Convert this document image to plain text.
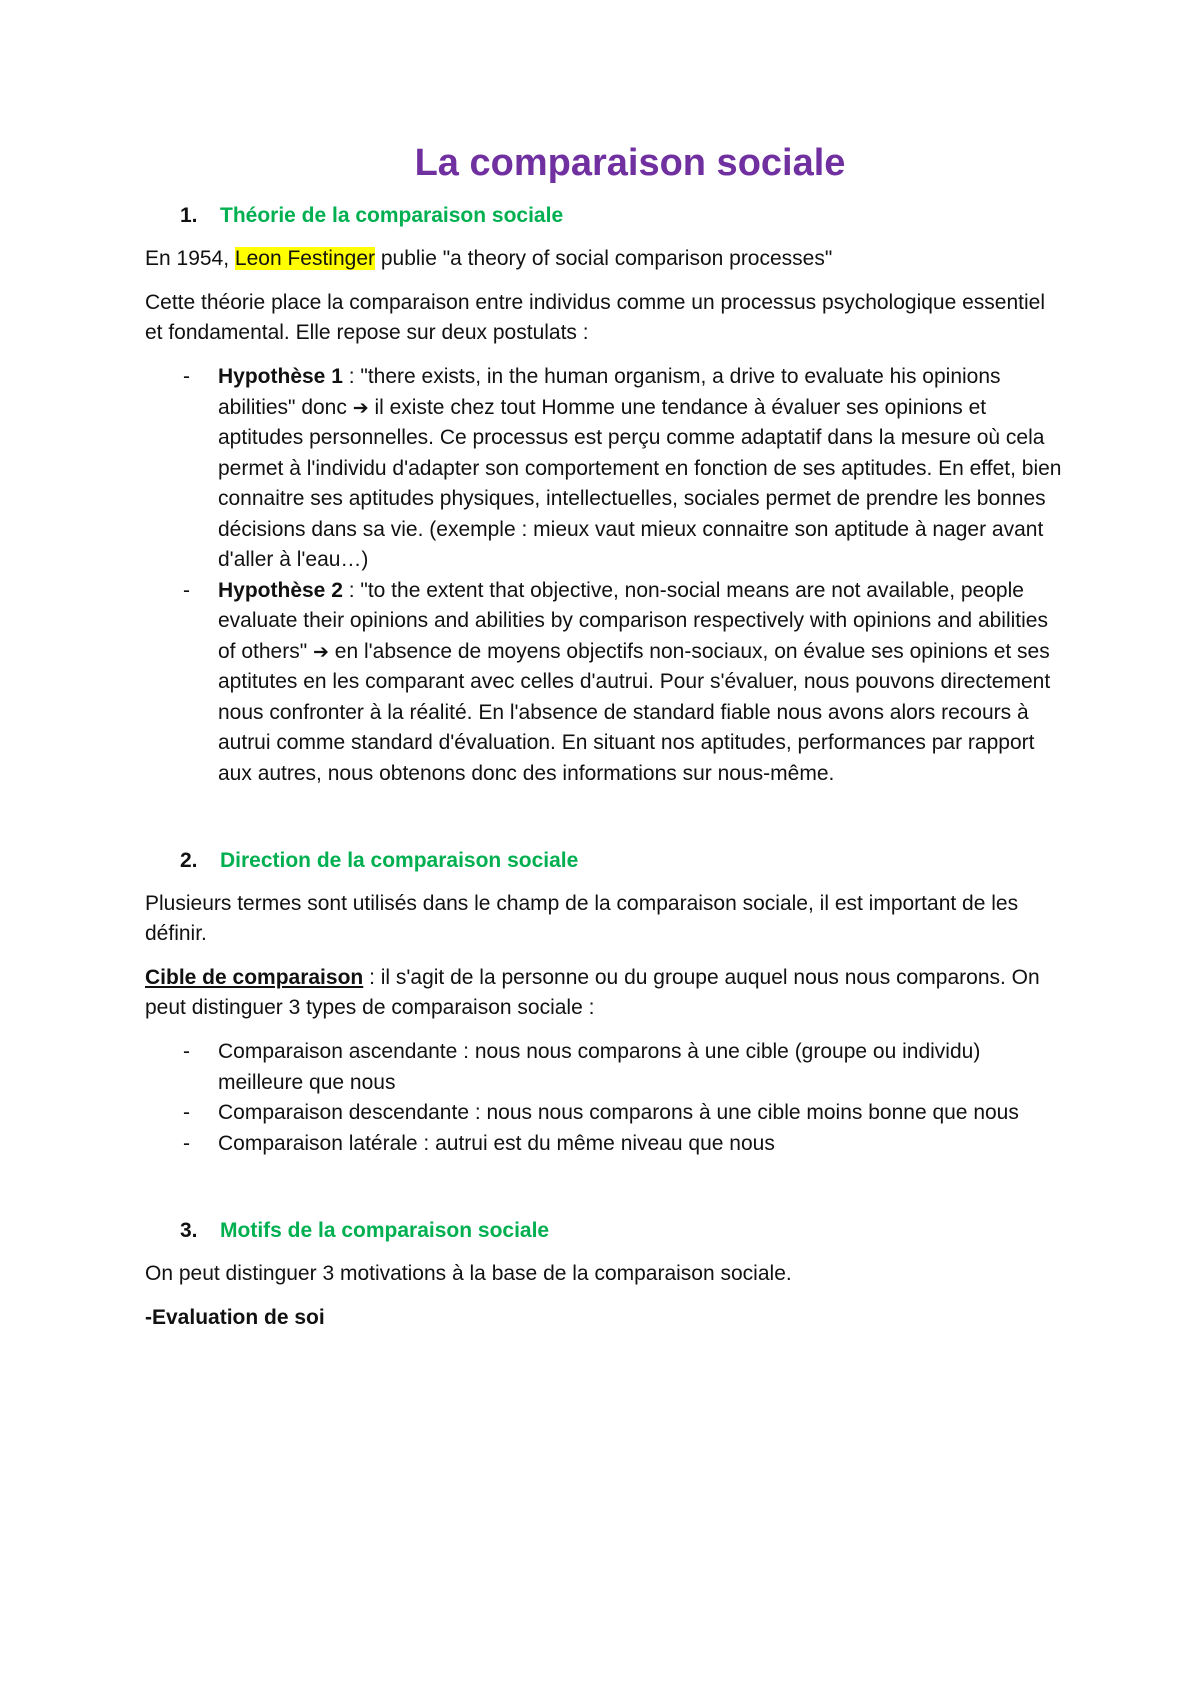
La comparaison sociale
1.	Théorie de la comparaison sociale

En 1954, Leon Festinger publie "a theory of social comparison processes"

Cette théorie place la comparaison entre individus comme un processus psychologique essentiel et fondamental. Elle repose sur deux postulats :

- Hypothèse 1 : "there exists, in the human organism, a drive to evaluate his opinions abilities" donc ➔ il existe chez tout Homme une tendance à évaluer ses opinions et aptitudes personnelles. Ce processus est perçu comme adaptatif dans la mesure où cela permet à l'individu d'adapter son comportement en fonction de ses aptitudes. En effet, bien connaitre ses aptitudes physiques, intellectuelles, sociales permet de prendre les bonnes décisions dans sa vie. (exemple : mieux vaut mieux connaitre son aptitude à nager avant d'aller à l'eau…)
- Hypothèse 2 : "to the extent that objective, non-social means are not available, people evaluate their opinions and abilities by comparison respectively with opinions and abilities of others" ➔ en l'absence de moyens objectifs non-sociaux, on évalue ses opinions et ses aptitutes en les comparant avec celles d'autrui. Pour s'évaluer, nous pouvons directement nous confronter à la réalité. En l'absence de standard fiable nous avons alors recours à autrui comme standard d'évaluation. En situant nos aptitudes, performances par rapport aux autres, nous obtenons donc des informations sur nous-même.
2.	Direction de la comparaison sociale

Plusieurs termes sont utilisés dans le champ de la comparaison sociale, il est important de les définir.

Cible de comparaison : il s'agit de la personne ou du groupe auquel nous nous comparons. On peut distinguer 3 types de comparaison sociale :

- Comparaison ascendante : nous nous comparons à une cible (groupe ou individu) meilleure que nous
- Comparaison descendante : nous nous comparons à une cible moins bonne que nous
- Comparaison latérale : autrui est du même niveau que nous
3.	Motifs de la comparaison sociale

On peut distinguer 3 motivations à la base de la comparaison sociale.

-Evaluation de soi
